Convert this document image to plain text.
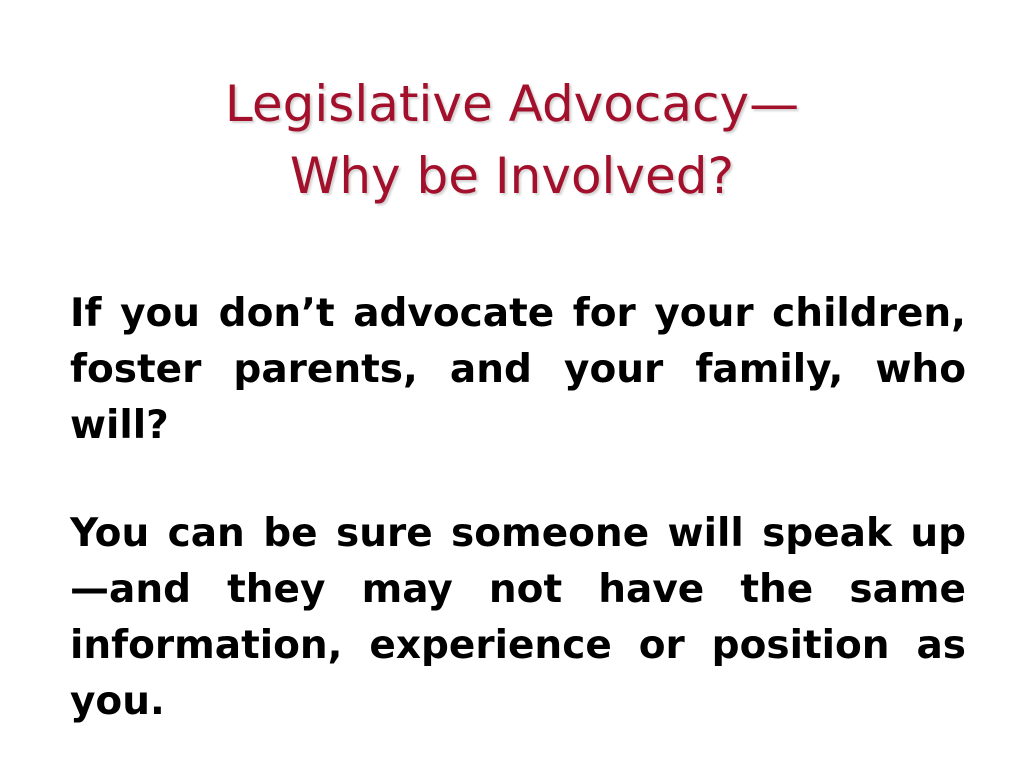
Legislative Advocacy—
Why be Involved?

If you don’t advocate for your children, foster parents, and your family, who will?

You can be sure someone will speak up—and they may not have the same information, experience or position as you.
